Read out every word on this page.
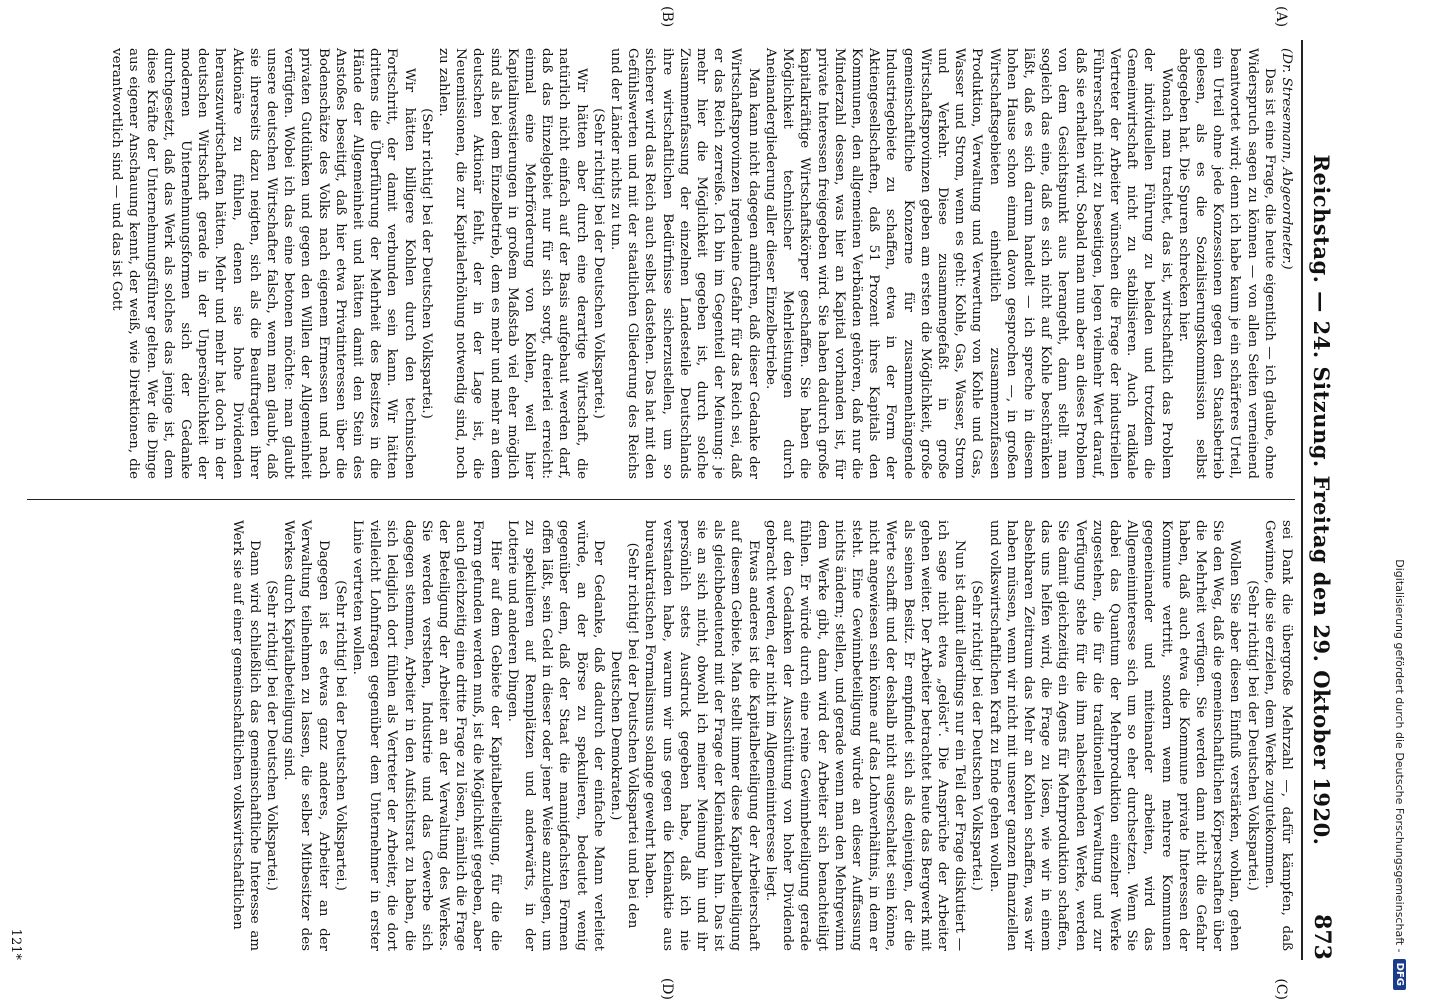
Reichstag. — 24. Sitzung. Freitag den 29. Oktober 1920.
873

(Dr. Stresemann, Abgeordneter.)

Das ist eine Frage, die heute eigentlich — ich glaube, ohne Widerspruch sagen zu können — von allen Seiten verneinend beantwortet wird; denn ich habe kaum je ein schärferes Urteil, ein Urteil ohne jede Konzessionen gegen den Staatsbetrieb gelesen, als es die Sozialisierungskommission selbst abgegeben hat. Die Spuren schrecken hier.

Wonach man trachtet, das ist, wirtschaftlich das Problem der individuellen Führung zu beladen und trotzdem die Gemeinwirtschaft nicht zu stabilisieren. Auch radikale Vertreter der Arbeiter wünschen die Frage der industriellen Führerschaft nicht zu beseitigen, legen vielmehr Wert darauf, daß sie erhalten wird. Sobald man nun aber an dieses Problem von dem Gesichtspunkt aus herangeht, dann stellt man sogleich das eine, daß es sich nicht auf Kohle beschränken läßt, daß es sich darum handelt — ich spreche in diesem hohen Hause schon einmal davon gesprochen —, in großen Wirtschaftsgebieten einheitlich zusammenzufassen Produktion, Verwaltung und Verwertung von Kohle und Gas, Wasser und Strom, wenn es geht: Kohle, Gas, Wasser, Strom und Verkehr. Diese zusammengefaßt in große Wirtschaftsprovinzen geben am ersten die Möglichkeit, große gemeinschaftliche Konzerne für zusammenhängende Industriegebiete zu schaffen, etwa in der Form der Aktiengesellschaften, daß 51 Prozent ihres Kapitals den Kommunen, den allgemeinen Verbänden gehören, daß nur die Minderzahl dessen, was hier an Kapital vorhanden ist, für private Interessen freigegeben wird. Sie haben dadurch große kapitalkräftige Wirtschaftskörper geschaffen. Sie haben die Möglichkeit technischer Mehrleistungen durch Aneinandergliederung aller dieser Einzelbetriebe.

Man kann nicht dagegen anführen, daß dieser Gedanke der Wirtschaftsprovinzen irgendeine Gefahr für das Reich sei, daß er das Reich zerreiße. Ich bin im Gegenteil der Meinung: je mehr hier die Möglichkeit gegeben ist, durch solche Zusammenfassung der einzelnen Landesteile Deutschlands ihre wirtschaftlichen Bedürfnisse sicherzustellen, um so sicherer wird das Reich auch selbst dastehen. Das hat mit den Gefühlswerten und mit der staatlichen Gliederung des Reichs und der Länder nichts zu tun.

(Sehr richtig! bei der Deutschen Volkspartei.)

Wir hätten aber durch eine derartige Wirtschaft, die natürlich nicht einfach auf der Basis aufgebaut werden darf, daß das Einzelgebiet nur für sich sorgt, dreierlei erreicht: einmal eine Mehrförderung von Kohlen, weil hier Kapitalinvestierungen in großem Maßstab viel eher möglich sind als bei dem Einzelbetrieb, dem es mehr und mehr an dem deutschen Aktionär fehlt, der in der Lage ist, die Neuemissionen, die zur Kapitalerhöhung notwendig sind, noch zu zahlen.

(Sehr richtig! bei der Deutschen Volkspartei.)

Wir hätten billigere Kohlen durch den technischen Fortschritt, der damit verbunden sein kann. Wir hätten drittens die Überführung der Mehrheit des Besitzes in die Hände der Allgemeinheit und hätten damit den Stein des Anstoßes beseitigt, daß hier etwa Privatinteressen über die Bodenschätze des Volks nach eigenem Ermessen und nach privaten Gutdünken und gegen den Willen der Allgemeinheit verfügten. Wobei ich das eine betonen möchte: man glaubt unsere deutschen Wirtschafter falsch, wenn man glaubt, daß sie ihrerseits dazu neigten, sich als die Beauftragten ihrer Aktionäre zu fühlen, denen sie hohe Dividenden herauszuwirtschaften hätten. Mehr und mehr hat doch in der deutschen Wirtschaft gerade in der Unpersönlichkeit der modernen Unternehmungsformen sich der Gedanke durchgesetzt, daß das Werk als solches das jenige ist, dem diese Kräfte der Unternehmungsführer gelten. Wer die Dinge aus eigener Anschauung kennt, der weiß, wie Direktionen, die verantwortlich sind — und das ist Gott

sei Dank die übergroße Mehrzahl —, dafür kämpfen, daß Gewinne, die sie erzielen, dem Werke zugutekommen.

(Sehr richtig! bei der Deutschen Volkspartei.)

Wollen Sie aber diesen Einfluß verstärken, wohlan, gehen Sie den Weg, daß die gemeinschaftlichen Körperschaften über die Mehrheit verfügen. Sie werden dann nicht die Gefahr haben, daß auch etwa die Kommune private Interessen der Kommune vertritt, sondern wenn mehrere Kommunen gegeneinander und miteinander arbeiten, wird das Allgemeininteresse sich um so eher durchsetzen. Wenn Sie dabei das Quantum der Mehrproduktion einzelner Werke zugestehen, die für die traditionellen Verwaltung und zur Verfügung stehe für die ihm nahestehenden Werke, werden Sie damit gleichzeitig ein Agens für Mehrproduktion schaffen, das uns helfen wird, die Frage zu lösen, wie wir in einem absehbaren Zeitraum das Mehr an Kohlen schaffen, was wir haben müssen, wenn wir nicht mit unserer ganzen finanziellen und volkswirtschaftlichen Kraft zu Ende gehen wollen.

(Sehr richtig! bei der Deutschen Volkspartei.)

Nun ist damit allerdings nur ein Teil der Frage diskutiert — ich sage nicht etwa „gelöst“. Die Ansprüche der Arbeiter gehen weiter. Der Arbeiter betrachtet heute das Bergwerk mit als seinen Besitz. Er empfindet sich als denjenigen, der die Werte schafft und der deshalb nicht ausgeschaltet sein könne, nicht angewiesen sein könne auf das Lohnverhältnis, in dem er steht. Eine Gewinnbeteiligung würde an dieser Auffassung nichts ändern; stellen, und gerade wenn man den Mehrgewinn dem Werke gibt, dann wird der Arbeiter sich benachteiligt fühlen. Er würde durch eine reine Gewinnbeteiligung gerade auf den Gedanken der Ausschüttung von hoher Dividende gebracht werden, der nicht im Allgemeininteresse liegt.

Etwas anderes ist die Kapitalbeteiligung der Arbeiterschaft auf diesem Gebiete. Man stellt immer diese Kapitalbeteiligung als gleichbedeutend mit der Frage der Kleinaktien hin. Das ist sie an sich nicht, obwohl ich meiner Meinung hin und ihr persönlich stets Ausdruck gegeben habe, daß ich nie verstanden habe, warum wir uns gegen die Kleinaktie aus bureaukratischen Formalismus solange gewehrt haben.

(Sehr richtig! bei der Deutschen Volkspartei und bei den Deutschen Demokraten.)

Der Gedanke, daß dadurch der einfache Mann verleitet würde, an der Börse zu spekulieren, bedeutet wenig gegenüber dem, daß der Staat die mannigfachsten Formen offen läßt, sein Geld in dieser oder jener Weise anzulegen, um zu spekulieren auf Rennplätzen und anderwärts, in der Lotterie und anderen Dingen.

Hier auf dem Gebiete der Kapitalbeteiligung, für die die Form gefunden werden muß, ist die Möglichkeit gegeben, aber auch gleichzeitig eine dritte Frage zu lösen, nämlich die Frage der Beteiligung der Arbeiter an der Verwaltung des Werkes. Sie werden verstehen, Industrie und das Gewerbe sich dagegen stemmen, Arbeiter in den Aufsichtsrat zu haben, die sich lediglich dort fühlen als Vertreter der Arbeiter, die dort vielleicht Lohnfragen gegenüber dem Unternehmer in erster Linie vertreten wollen.

(Sehr richtig! bei der Deutschen Volkspartei.)

Dagegen ist es etwas ganz anderes, Arbeiter an der Verwaltung teilnehmen zu lassen, die selber Mitbesitzer des Werkes durch Kapitalbeteiligung sind.

(Sehr richtig! bei der Deutschen Volkspartei.)

Dann wird schließlich das gemeinschaftliche Interesse am Werk sie auf einer gemeinschaftlichen volkswirtschaftlichen

(A)
(B)
(C)
(D)
121*	Digitalisierung gefördert durch die Deutsche Forschungsgemeinschaft -
DFG
